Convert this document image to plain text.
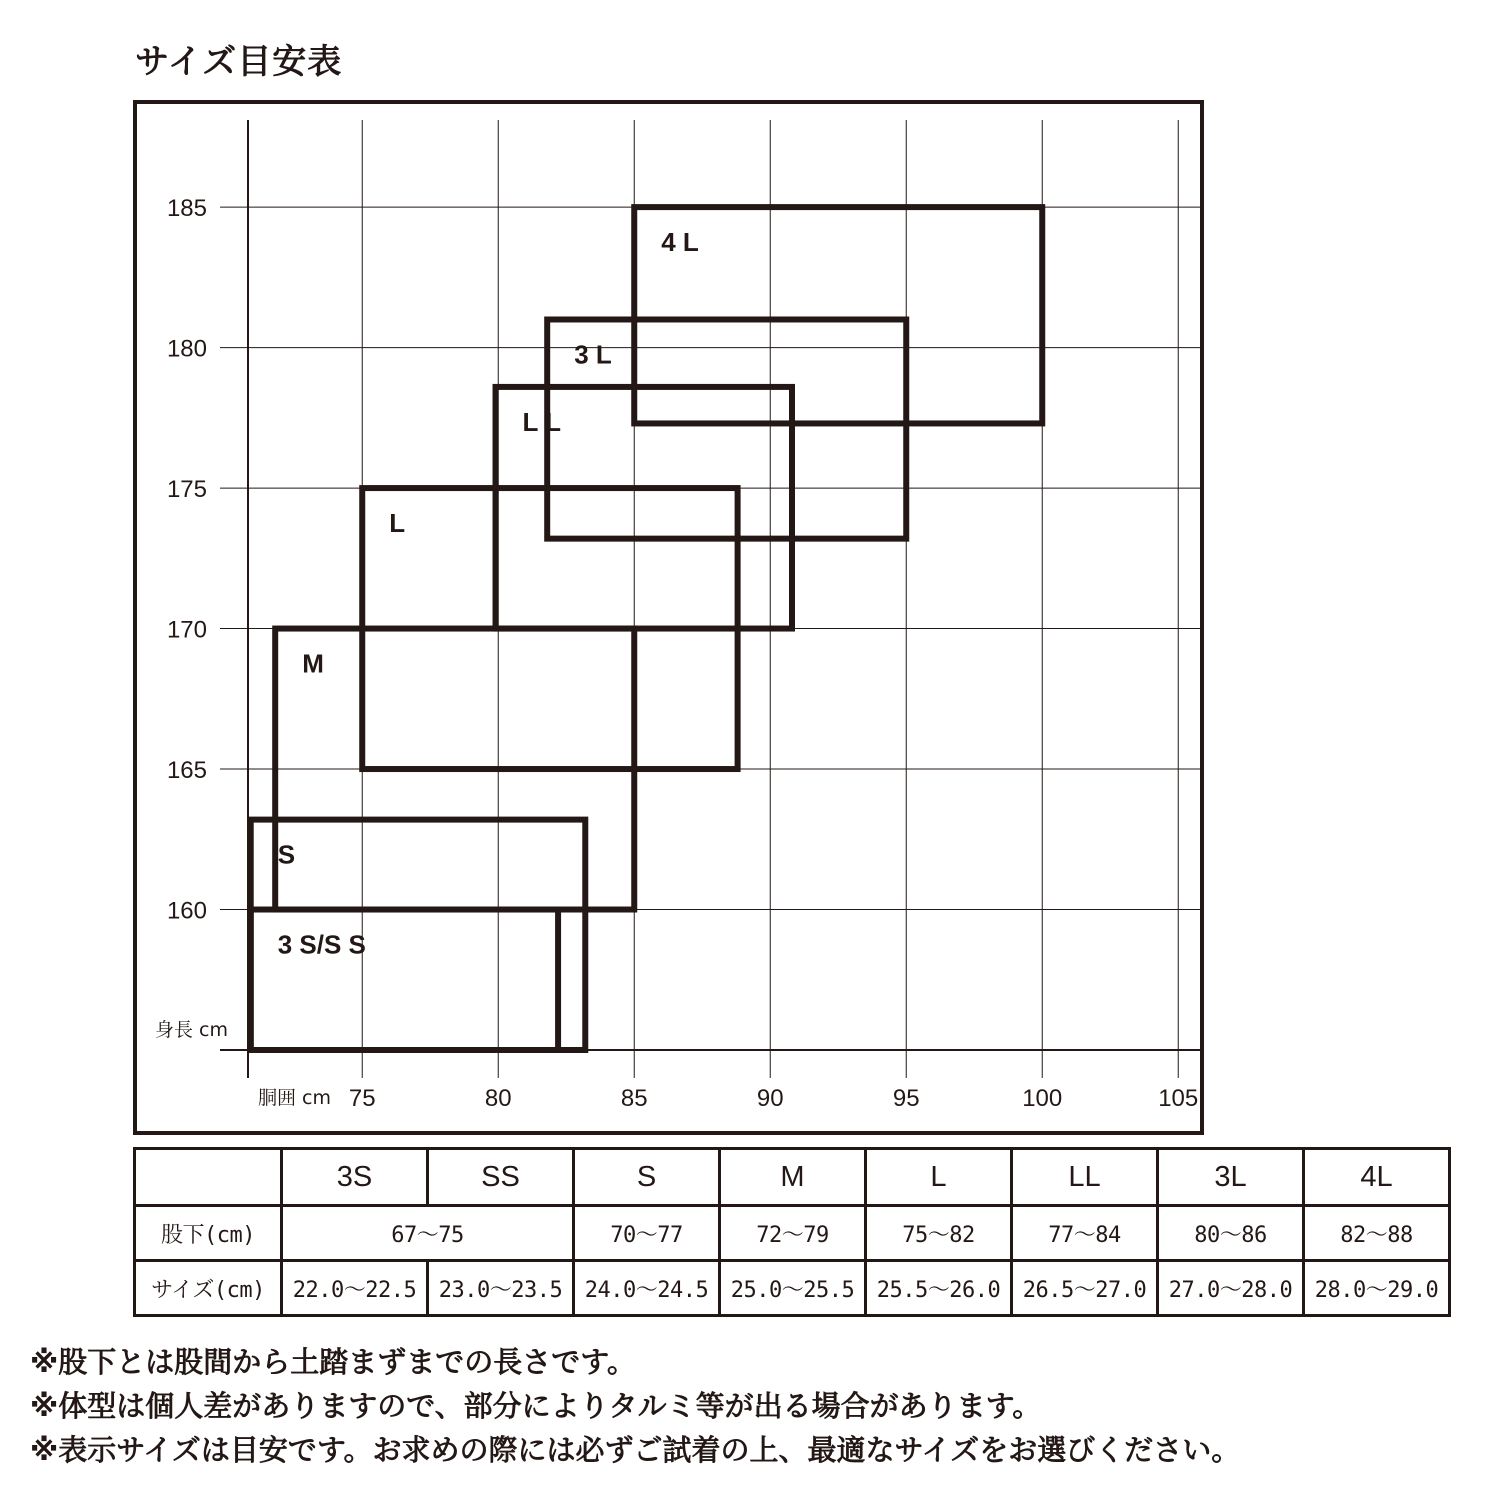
サイズ目安表
4 L
3 L
L L
L
M
S
3 S/S S
75	80	85	90	95	100	105
160
165
170
175
180
185
身長 cm
胴囲 cm
	3S	SS	S	M	L	LL	3L	4L
股下(cm)	67～75		70～77	72～79	75～82	77～84	80～86	82～88
サイズ(cm)	22.0～22.5	23.0～23.5	24.0～24.5	25.0～25.5	25.5～26.0	26.5～27.0	27.0～28.0	28.0～29.0
※股下とは股間から土踏まずまでの長さです。
※体型は個人差がありますので、部分によりタルミ等が出る場合があります。
※表示サイズは目安です。お求めの際には必ずご試着の上、最適なサイズをお選びください。
